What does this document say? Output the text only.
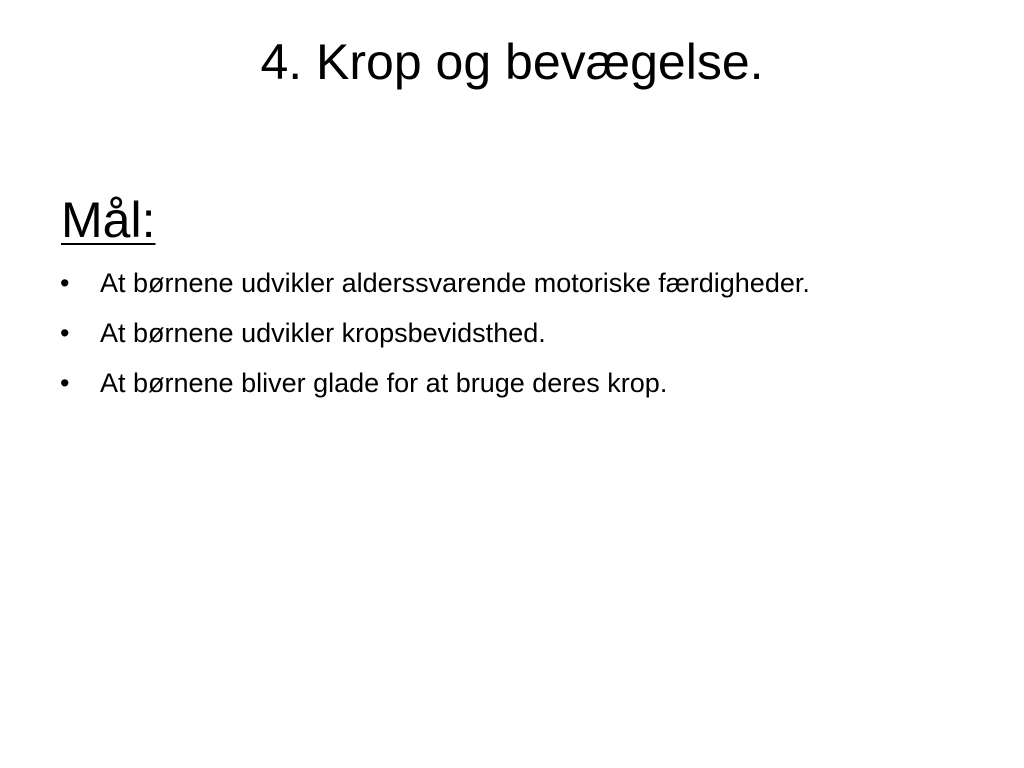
4. Krop og bevægelse.
Mål:
•	At børnene udvikler alderssvarende motoriske færdigheder.
•	At børnene udvikler kropsbevidsthed.
•	At børnene bliver glade for at bruge deres krop.
